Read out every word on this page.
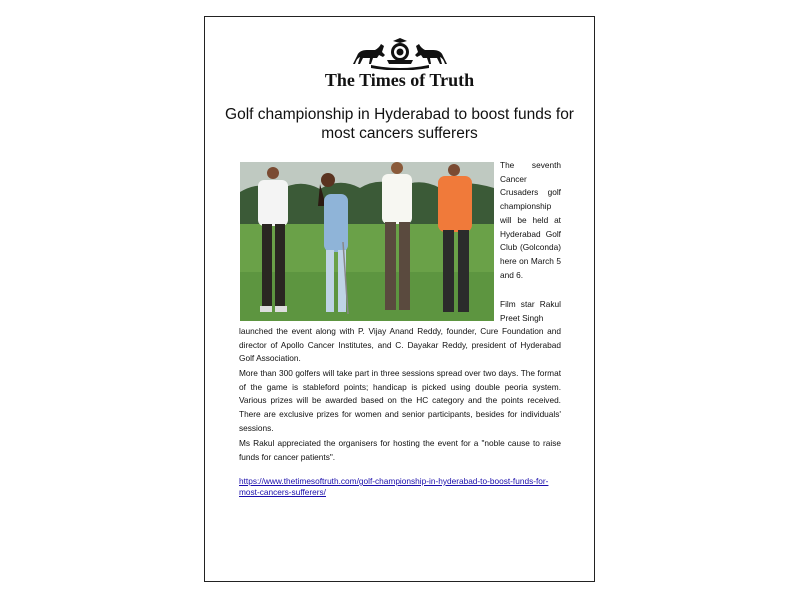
The Times of Truth
Golf championship in Hyderabad to boost funds for most cancers sufferers

The seventh Cancer Crusaders golf championship will be held at Hyderabad Golf Club (Golconda) here on March 5 and 6.

Film star Rakul Preet Singh

launched the event along with P. Vijay Anand Reddy, founder, Cure Foundation and director of Apollo Cancer Institutes, and C. Dayakar Reddy, president of Hyderabad Golf Association.

More than 300 golfers will take part in three sessions spread over two days. The format of the game is stableford points; handicap is picked using double peoria system. Various prizes will be awarded based on the HC category and the points received. There are exclusive prizes for women and senior participants, besides for individuals' sessions.

Ms Rakul appreciated the organisers for hosting the event for a "noble cause to raise funds for cancer patients".

https://www.thetimesoftruth.com/golf-championship-in-hyderabad-to-boost-funds-for-most-cancers-sufferers/
